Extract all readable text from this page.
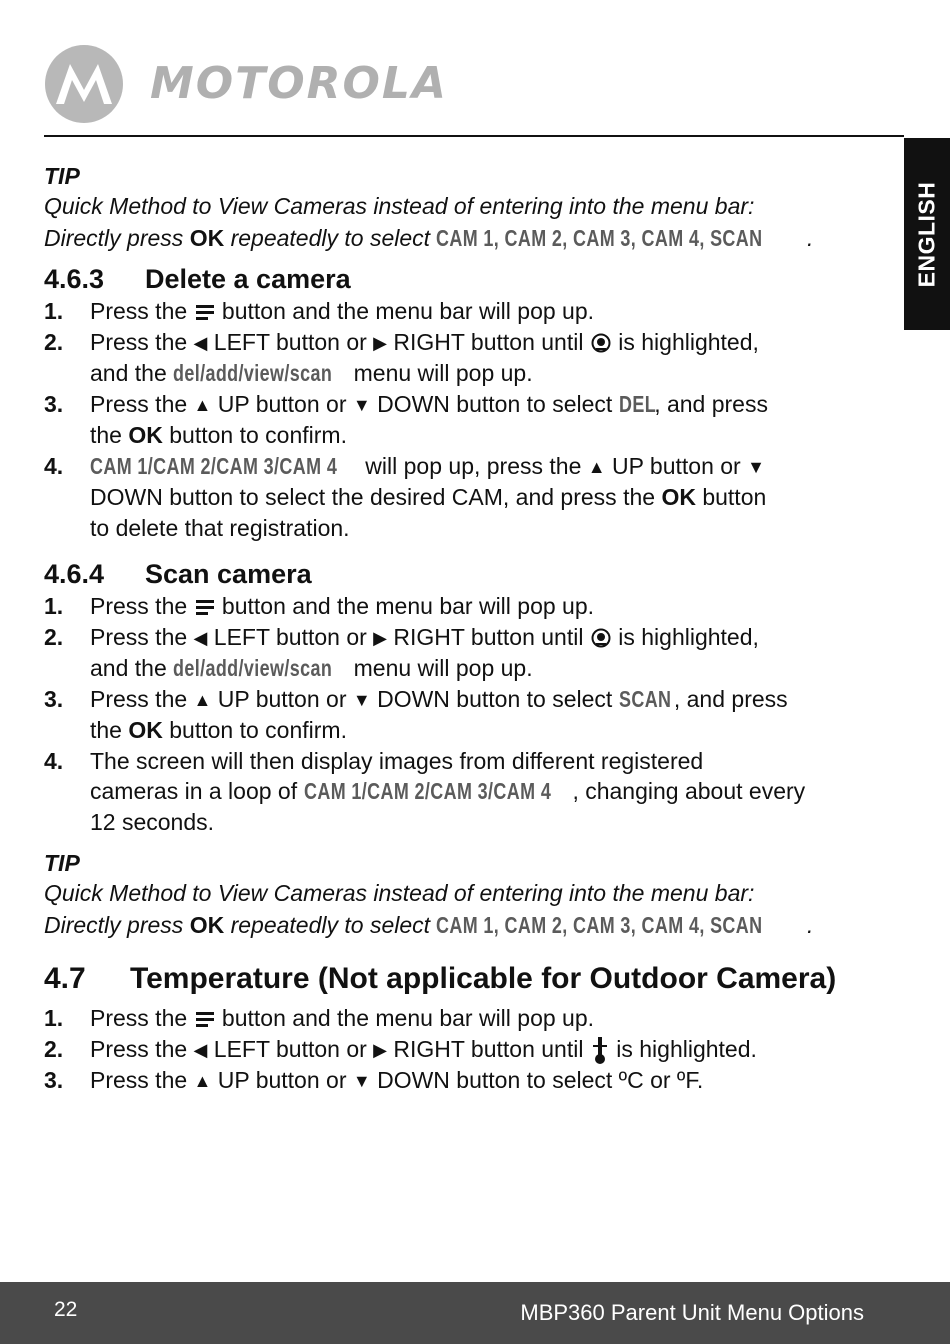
MOTOROLA
ENGLISH
TIP
Quick Method to View Cameras instead of entering into the menu bar:
Directly press OK repeatedly to select CAM 1, CAM 2, CAM 3, CAM 4, SCAN .
4.6.3 Delete a camera
1. Press the  button and the menu bar will pop up.
2. Press the ◀ LEFT button or ▶ RIGHT button until  is highlighted,
and the del/add/view/scan menu will pop up.
3. Press the ▲ UP button or ▼ DOWN button to select DEL, and press
the OK button to confirm.
4. CAM 1/CAM 2/CAM 3/CAM 4 will pop up, press the ▲ UP button or ▼
DOWN button to select the desired CAM, and press the OK button
to delete that registration.
4.6.4 Scan camera
1. Press the  button and the menu bar will pop up.
2. Press the ◀ LEFT button or ▶ RIGHT button until  is highlighted,
and the del/add/view/scan menu will pop up.
3. Press the ▲ UP button or ▼ DOWN button to select SCAN , and press
the OK button to confirm.
4. The screen will then display images from different registered
cameras in a loop of CAM 1/CAM 2/CAM 3/CAM 4 , changing about every
12 seconds.
TIP
Quick Method to View Cameras instead of entering into the menu bar:
Directly press OK repeatedly to select CAM 1, CAM 2, CAM 3, CAM 4, SCAN .
4.7 Temperature (Not applicable for Outdoor Camera)
1. Press the  button and the menu bar will pop up.
2. Press the ◀ LEFT button or ▶ RIGHT button until  is highlighted.
3. Press the ▲ UP button or ▼ DOWN button to select ºC or ºF.
22	MBP360 Parent Unit Menu Options
